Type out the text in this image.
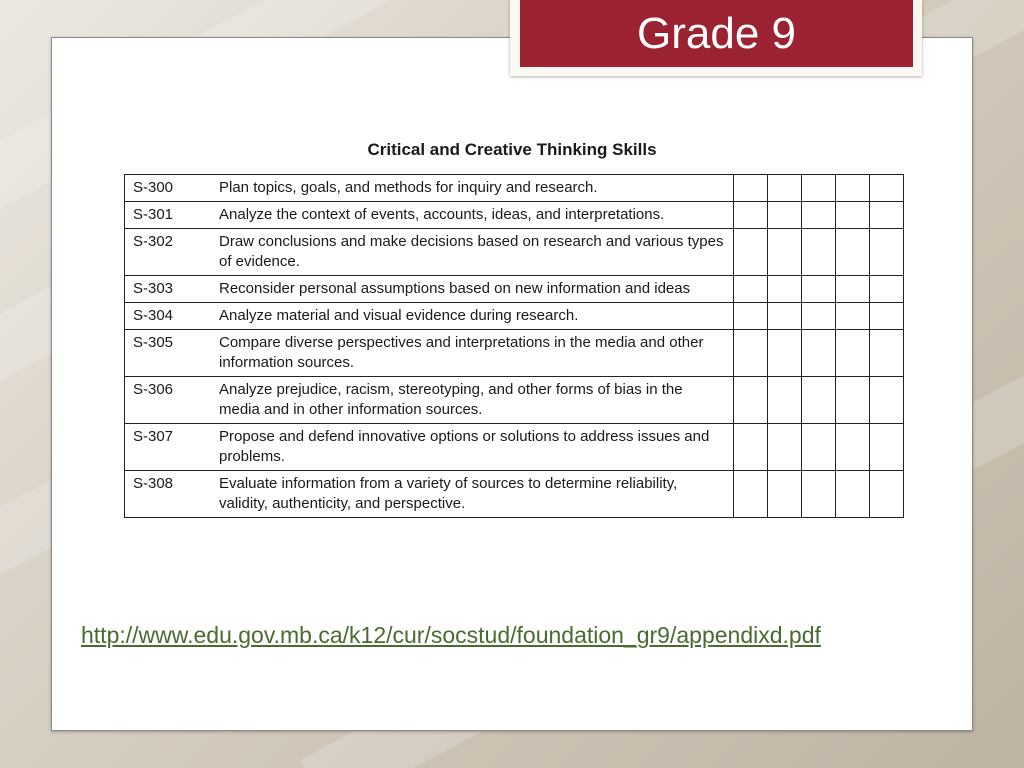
Critical and Creative Thinking Skills
S-300	Plan topics, goals, and methods for inquiry and research.					
S-301	Analyze the context of events, accounts, ideas, and interpretations.					
S-302	Draw conclusions and make decisions based on research and various types of evidence.					
S-303	Reconsider personal assumptions based on new information and ideas					
S-304	Analyze material and visual evidence during research.					
S-305	Compare diverse perspectives and interpretations in the media and other information sources.					
S-306	Analyze prejudice, racism, stereotyping, and other forms of bias in the media and in other information sources.					
S-307	Propose and defend innovative options or solutions to address issues and problems.					
S-308	Evaluate information from a variety of sources to determine reliability, validity, authenticity, and perspective.					
http://www.edu.gov.mb.ca/k12/cur/socstud/foundation_gr9/appendixd.pdf
Grade 9
